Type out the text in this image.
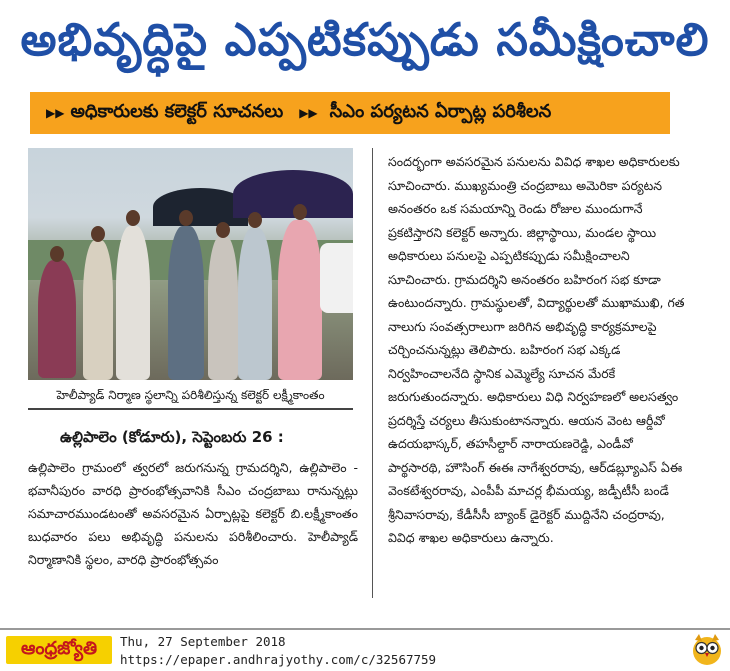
అభివృద్ధిపై ఎప్పటికప్పుడు సమీక్షించాలి
▶▶ అధికారులకు కలెక్టర్ సూచనలు ▶▶ సీఎం పర్యటన ఏర్పాట్ల పరిశీలన
హెలీప్యాడ్ నిర్మాణ స్థలాన్ని పరిశీలిస్తున్న కలెక్టర్ లక్ష్మీకాంతం
ఉల్లిపాలెం (కోడూరు), సెప్టెంబరు 26 :

ఉల్లిపాలెం గ్రామంలో త్వరలో జరుగనున్న గ్రామదర్శిని, ఉల్లిపాలెం - భవానీపురం వారధి ప్రారంభోత్సవానికి సీఎం చంద్రబాబు రానున్నట్లు సమాచారముండటంతో అవసరమైన ఏర్పాట్లపై కలెక్టర్ బి.లక్ష్మీకాంతం బుధవారం పలు అభివృద్ధి పనులను పరిశీలించారు. హెలీప్యాడ్ నిర్మాణానికి స్థలం, వారధి ప్రారంభోత్సవం

సందర్భంగా అవసరమైన పనులను వివిధ శాఖల అధికారులకు సూచించారు. ముఖ్యమంత్రి చంద్రబాబు అమెరికా పర్యటన అనంతరం ఒక సమయాన్ని రెండు రోజుల ముందుగానే ప్రకటిస్తారని కలెక్టర్ అన్నారు. జిల్లాస్థాయి, మండల స్థాయి అధికారులు పనులపై ఎప్పటికప్పుడు సమీక్షించాలని సూచించారు. గ్రామదర్శిని అనంతరం బహిరంగ సభ కూడా ఉంటుందన్నారు. గ్రామస్థులతో, విద్యార్థులతో ముఖాముఖి, గత నాలుగు సంవత్సరాలుగా జరిగిన అభివృద్ధి కార్యక్రమాలపై చర్చించనున్నట్లు తెలిపారు. బహిరంగ సభ ఎక్కడ నిర్వహించాలనేది స్థానిక ఎమ్మెల్యే సూచన మేరకే జరుగుతుందన్నారు. అధికారులు విధి నిర్వహణలో అలసత్వం ప్రదర్శిస్తే చర్యలు తీసుకుంటానన్నారు. ఆయన వెంట ఆర్డీవో ఉదయభాస్కర్, తహసీల్దార్ నారాయణరెడ్డి, ఎండీవో పార్థసారథి, హౌసింగ్ ఈఈ నాగేశ్వరరావు, ఆర్‌డబ్ల్యూఎస్ ఏఈ వెంకటేశ్వరరావు, ఎంపీపీ మాచర్ల భీమయ్య, జడ్పీటీసీ బండే శ్రీనివాసరావు, కేడీసీసీ బ్యాంక్ డైరెక్టర్ ముద్దినేని చంద్రరావు, వివిధ శాఖల అధికారులు ఉన్నారు.

ఆంధ్రజ్యోతి	Thu, 27 September 2018
https://epaper.andhrajyothy.com/c/32567759
